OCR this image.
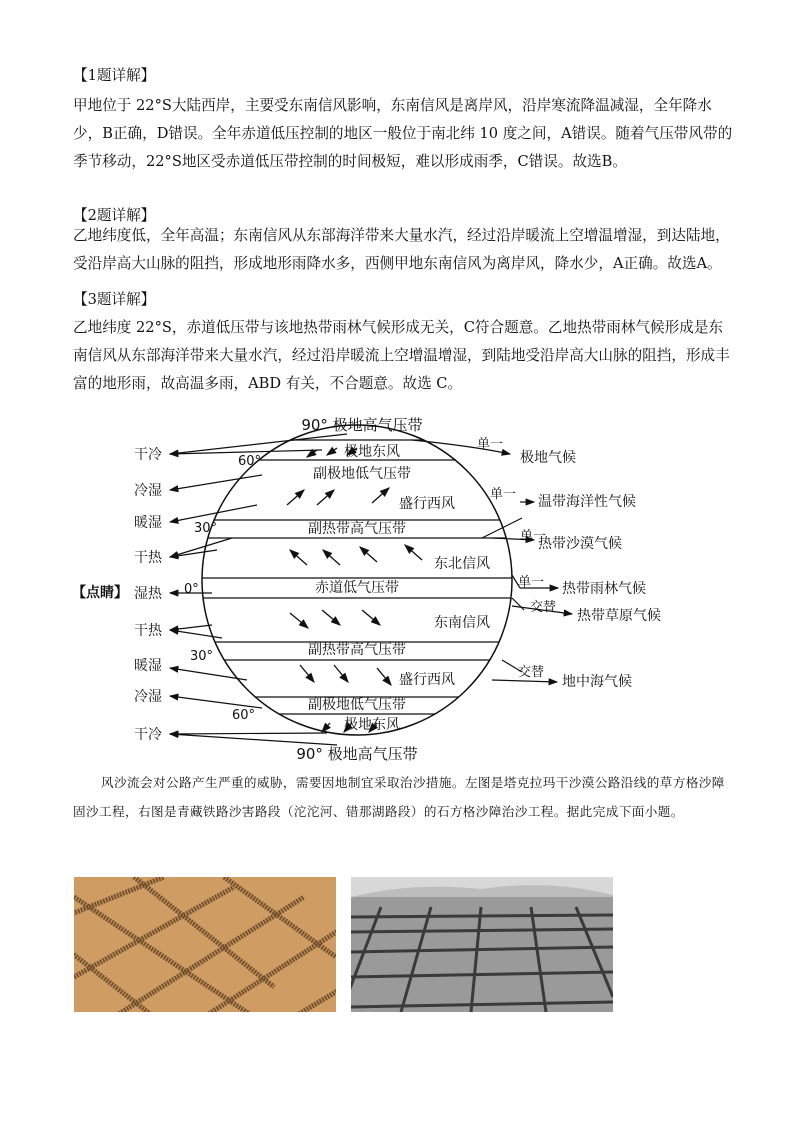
【1题详解】

甲地位于 22°S大陆西岸，主要受东南信风影响，东南信风是离岸风，沿岸寒流降温减湿，全年降水少，B正确，D错误。全年赤道低压控制的地区一般位于南北纬 10 度之间，A错误。随着气压带风带的季节移动，22°S地区受赤道低压带控制的时间极短，难以形成雨季，C错误。故选B。

【2题详解】

乙地纬度低，全年高温；东南信风从东部海洋带来大量水汽，经过沿岸暖流上空增温增湿，到达陆地，受沿岸高大山脉的阻挡，形成地形雨降水多，西侧甲地东南信风为离岸风，降水少，A正确。故选A。

【3题详解】

乙地纬度 22°S，赤道低压带与该地热带雨林气候形成无关，C符合题意。乙地热带雨林气候形成是东南信风从东部海洋带来大量水汽，经过沿岸暖流上空增温增湿，到陆地受沿岸高大山脉的阻挡，形成丰富的地形雨，故高温多雨，ABD 有关，不合题意。故选 C。

90° 极地高气压带
极地东风
副极地低气压带
盛行西风
副热带高气压带
东北信风
赤道低气压带
东南信风
副热带高气压带
盛行西风
副极地低气压带
极地东风
90° 极地高气压带
60°
30°
0°
30°
60°
【点睛】
干冷
冷湿
暖湿
干热
湿热
干热
暖湿
冷湿
干冷
单一
单一
单一
单一
交替
交替
极地气候
温带海洋性气候
热带沙漠气候
热带雨林气候
热带草原气候
地中海气候

风沙流会对公路产生严重的威胁，需要因地制宜采取治沙措施。左图是塔克拉玛干沙漠公路沿线的草方格沙障固沙工程，右图是青藏铁路沙害路段（沱沱河、错那湖路段）的石方格沙障治沙工程。据此完成下面小题。
